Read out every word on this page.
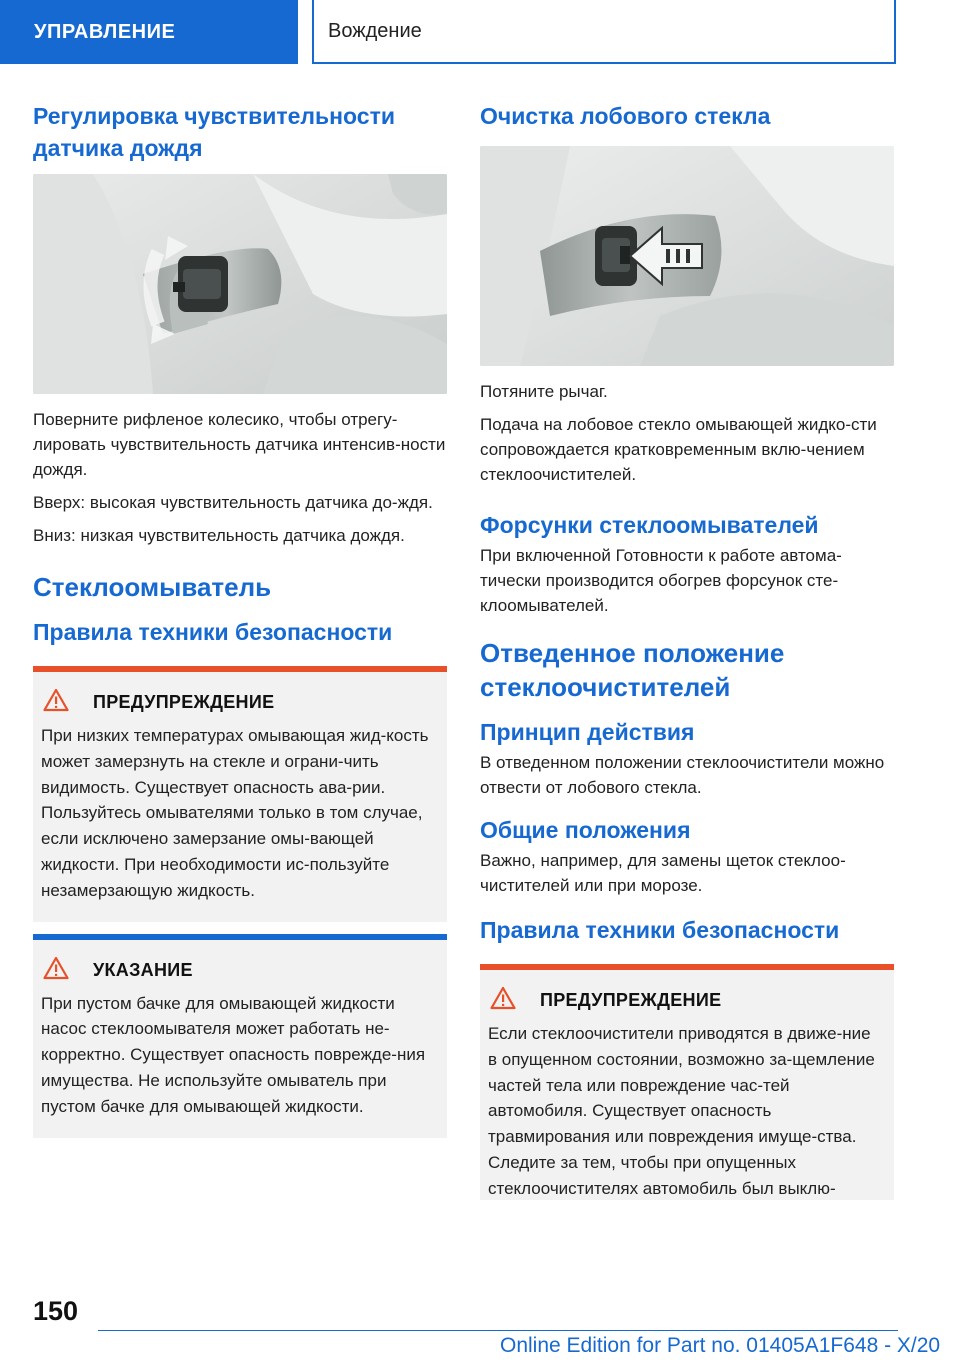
УПРАВЛЕНИЕ	Вождение
Регулировка чувствительности датчика дождя

Поверните рифленое колесико, чтобы отрегу-лировать чувствительность датчика интенсив-ности дождя.

Вверх: высокая чувствительность датчика до-ждя.

Вниз: низкая чувствительность датчика дождя.

Стеклоомыватель
Правила техники безопасности
ПРЕДУПРЕЖДЕНИЕ
При низких температурах омывающая жид-кость может замерзнуть на стекле и ограни-чить видимость. Существует опасность ава-рии. Пользуйтесь омывателями только в том случае, если исключено замерзание омы-вающей жидкости. При необходимости ис-пользуйте незамерзающую жидкость.
УКАЗАНИЕ
При пустом бачке для омывающей жидкости насос стеклоомывателя может работать не-корректно. Существует опасность поврежде-ния имущества. Не используйте омыватель при пустом бачке для омывающей жидкости.
Очистка лобового стекла

Потяните рычаг.

Подача на лобовое стекло омывающей жидко-сти сопровождается кратковременным вклю-чением стеклоочистителей.

Форсунки стеклоомывателей

При включенной Готовности к работе автома-тически производится обогрев форсунок сте-клоомывателей.

Отведенное положение стеклоочистителей
Принцип действия

В отведенном положении стеклоочистители можно отвести от лобового стекла.

Общие положения

Важно, например, для замены щеток стеклоо-чистителей или при морозе.

Правила техники безопасности
ПРЕДУПРЕЖДЕНИЕ
Если стеклоочистители приводятся в движе-ние в опущенном состоянии, возможно за-щемление частей тела или повреждение час-тей автомобиля. Существует опасность травмирования или повреждения имуще-ства. Следите за тем, чтобы при опущенных стеклоочистителях автомобиль был выклю-
150
Online Edition for Part no. 01405A1F648 - X/20
